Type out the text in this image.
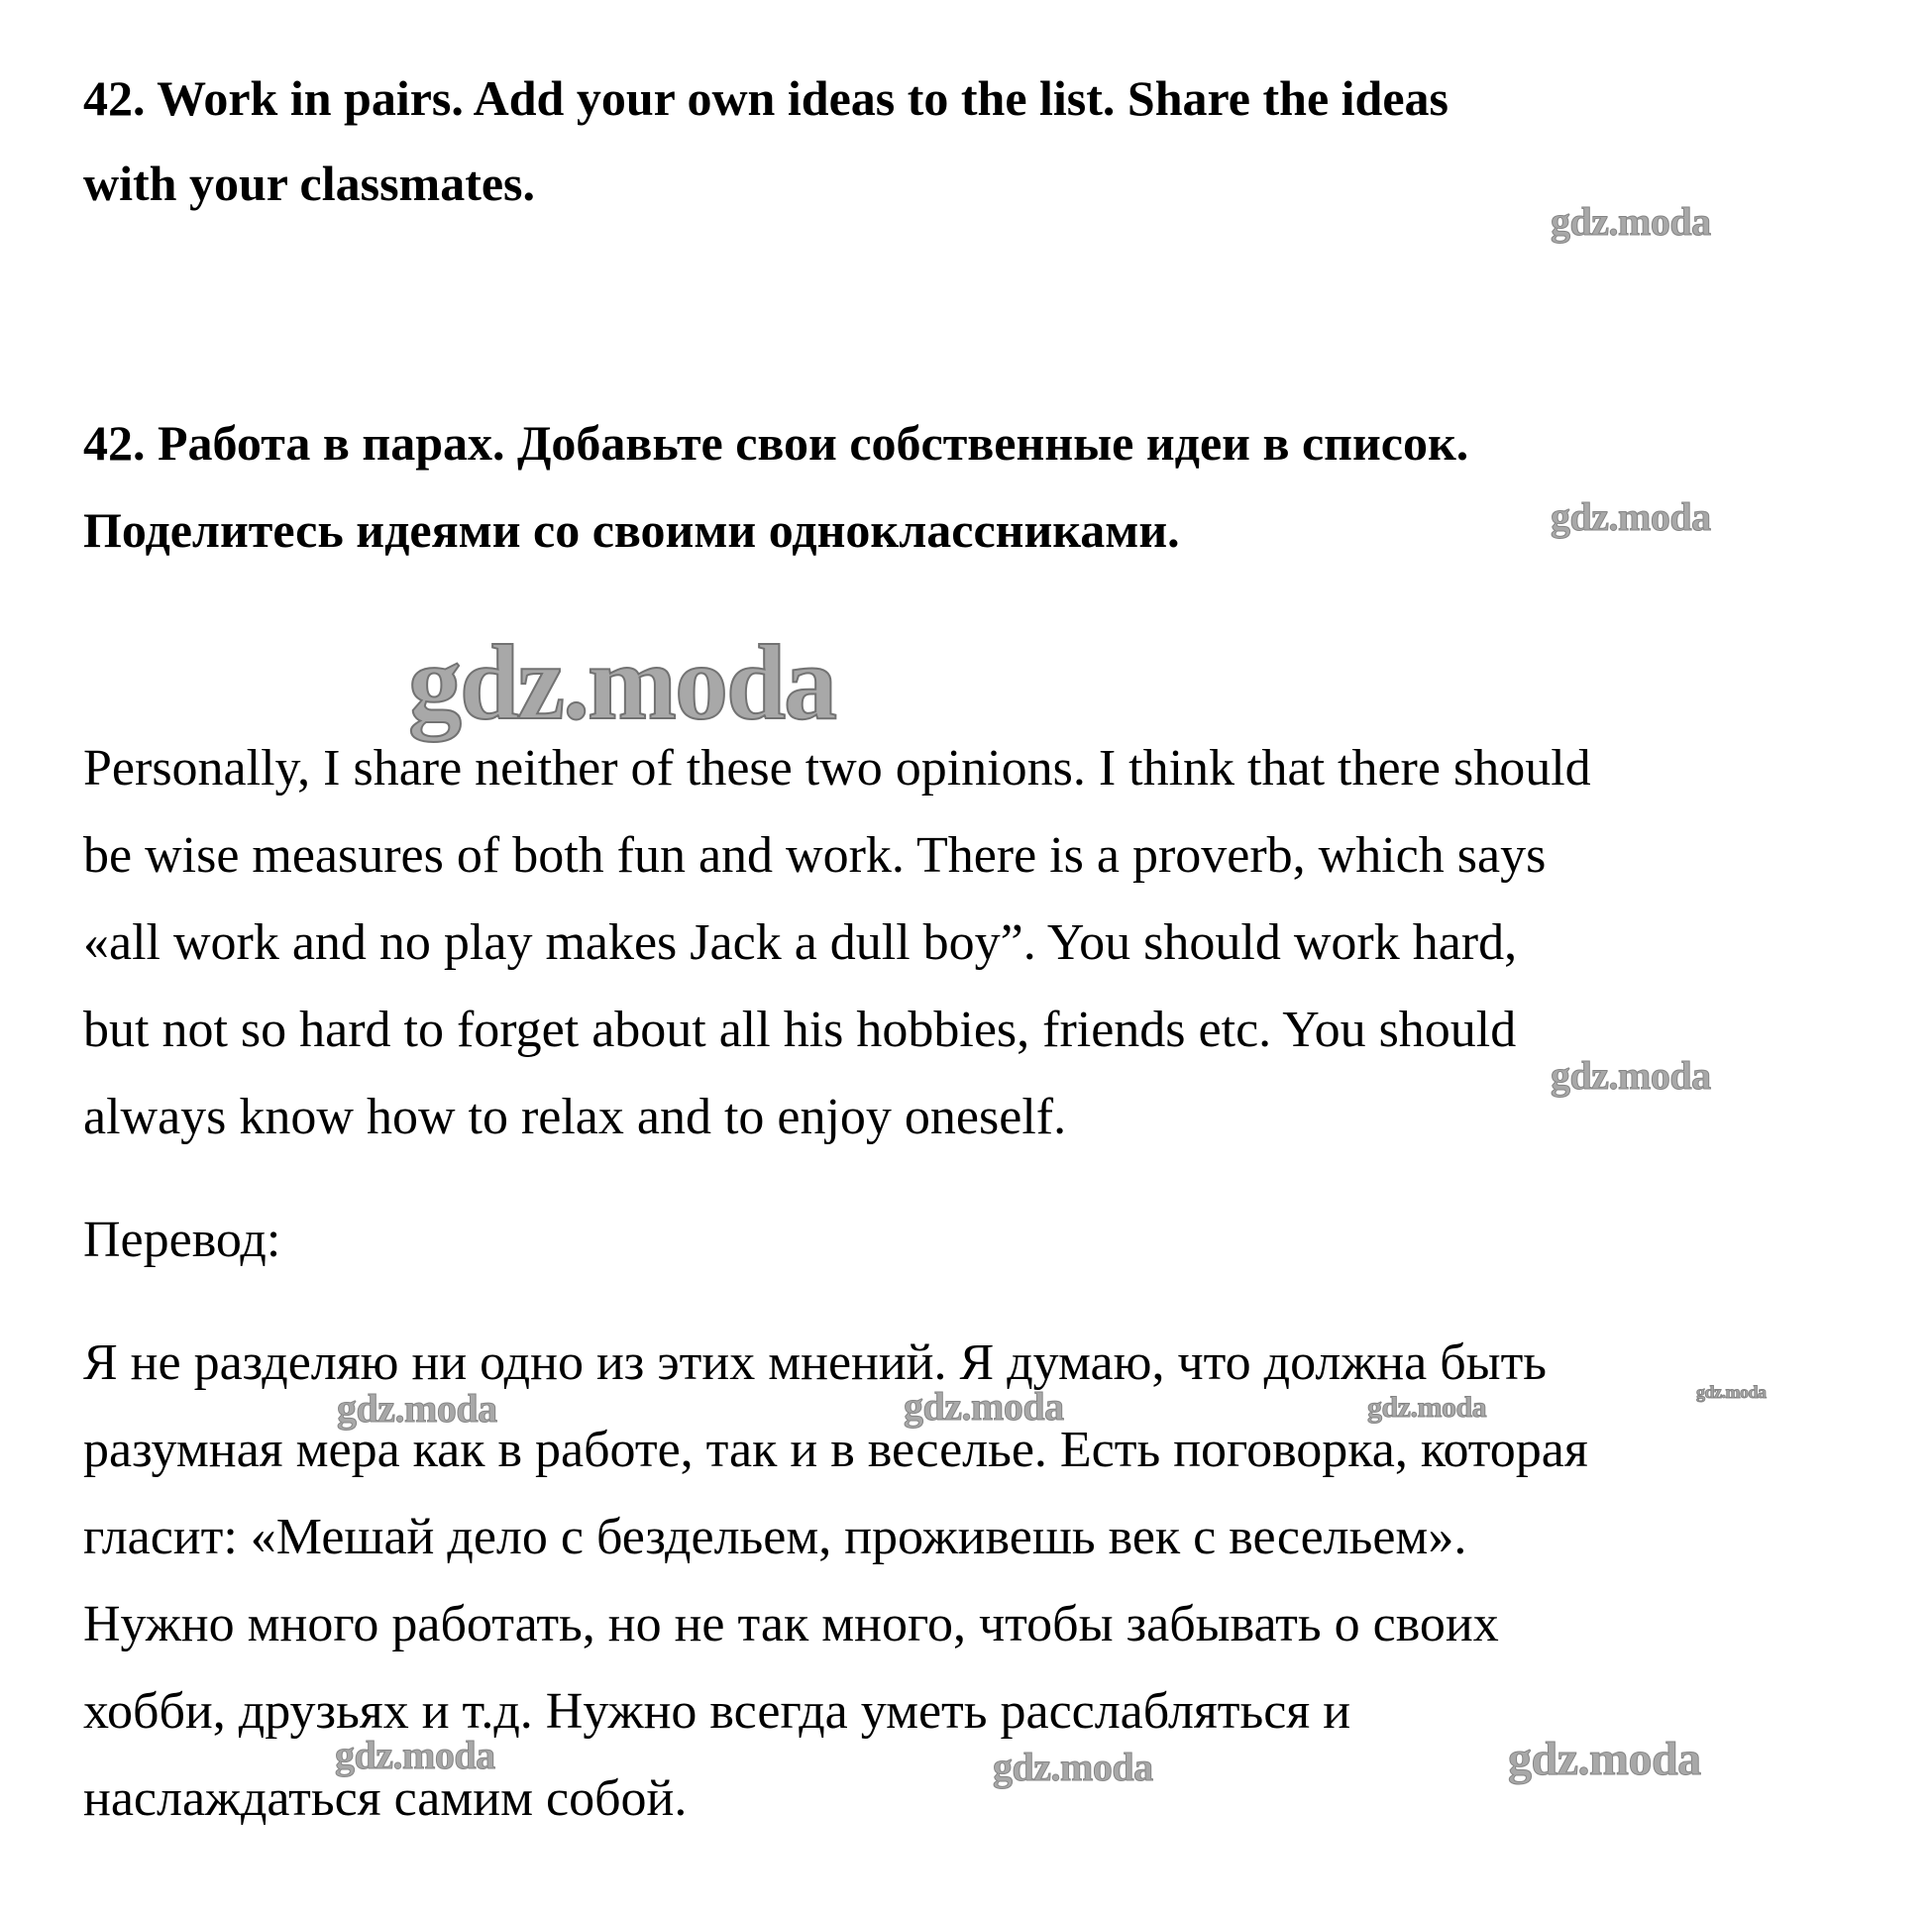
42. Work in pairs. Add your own ideas to the list. Share the ideas
with your classmates.
42. Работа в парах. Добавьте свои собственные идеи в список.
Поделитесь идеями со своими одноклассниками.
Personally, I share neither of these two opinions. I think that there should
be wise measures of both fun and work. There is a proverb, which says
«all work and no play makes Jack a dull boy”. You should work hard,
but not so hard to forget about all his hobbies, friends etc. You should
always know how to relax and to enjoy oneself.
Перевод:
Я не разделяю ни одно из этих мнений. Я думаю, что должна быть
разумная мера как в работе, так и в веселье. Есть поговорка, которая
гласит: «Мешай дело с бездельем, проживешь век с весельем».
Нужно много работать, но не так много, чтобы забывать о своих
хобби, друзьях и т.д. Нужно всегда уметь расслабляться и
наслаждаться самим собой.
gdz.moda
gdz.moda
gdz.moda
gdz.moda
gdz.moda	gdz.moda	gdz.moda	gdz.moda
gdz.moda	gdz.moda	gdz.moda
